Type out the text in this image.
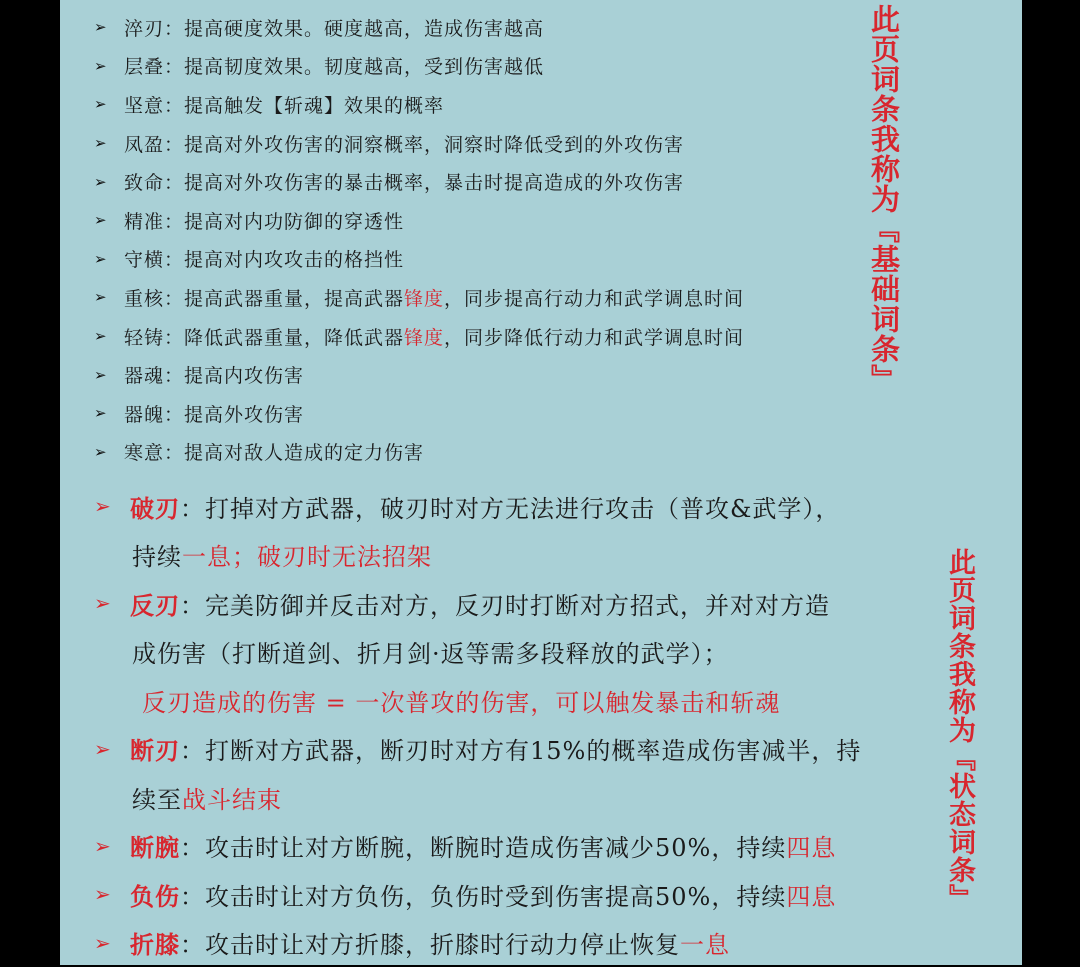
➢ 淬刃：提高硬度效果。硬度越高，造成伤害越高
➢ 层叠：提高韧度效果。韧度越高，受到伤害越低
➢ 坚意：提高触发【斩魂】效果的概率
➢ 凤盈：提高对外攻伤害的洞察概率，洞察时降低受到的外攻伤害
➢ 致命：提高对外攻伤害的暴击概率，暴击时提高造成的外攻伤害
➢ 精准：提高对内功防御的穿透性
➢ 守横：提高对内攻攻击的格挡性
➢ 重核：提高武器重量，提高武器 锋度 ，同步提高行动力和武学调息时间
➢ 轻铸：降低武器重量，降低武器 锋度 ，同步降低行动力和武学调息时间
➢ 器魂：提高内攻伤害
➢ 器魄：提高外攻伤害
➢ 寒意：提高对敌人造成的定力伤害
此页词条我称为『基础词条』
➢ 破刃 ：打掉对方武器，破刃时对方无法进行攻击（普攻&武学），
持续 一息；破刃时无法招架
➢ 反刃 ：完美防御并反击对方，反刃时打断对方招式，并对对方造
成伤害（打断道剑、折月剑·返等需多段释放的武学）；
反刃造成的伤害 = 一次普攻的伤害，可以触发暴击和斩魂
➢ 断刃 ：打断对方武器，断刃时对方有15%的概率造成伤害减半，持
续至 战斗结束
➢ 断腕 ：攻击时让对方断腕，断腕时造成伤害减少50%，持续 四息
➢ 负伤 ：攻击时让对方负伤，负伤时受到伤害提高50%，持续 四息
➢ 折膝 ：攻击时让对方折膝，折膝时行动力停止恢复 一息
此页词条我称为『状态词条』
